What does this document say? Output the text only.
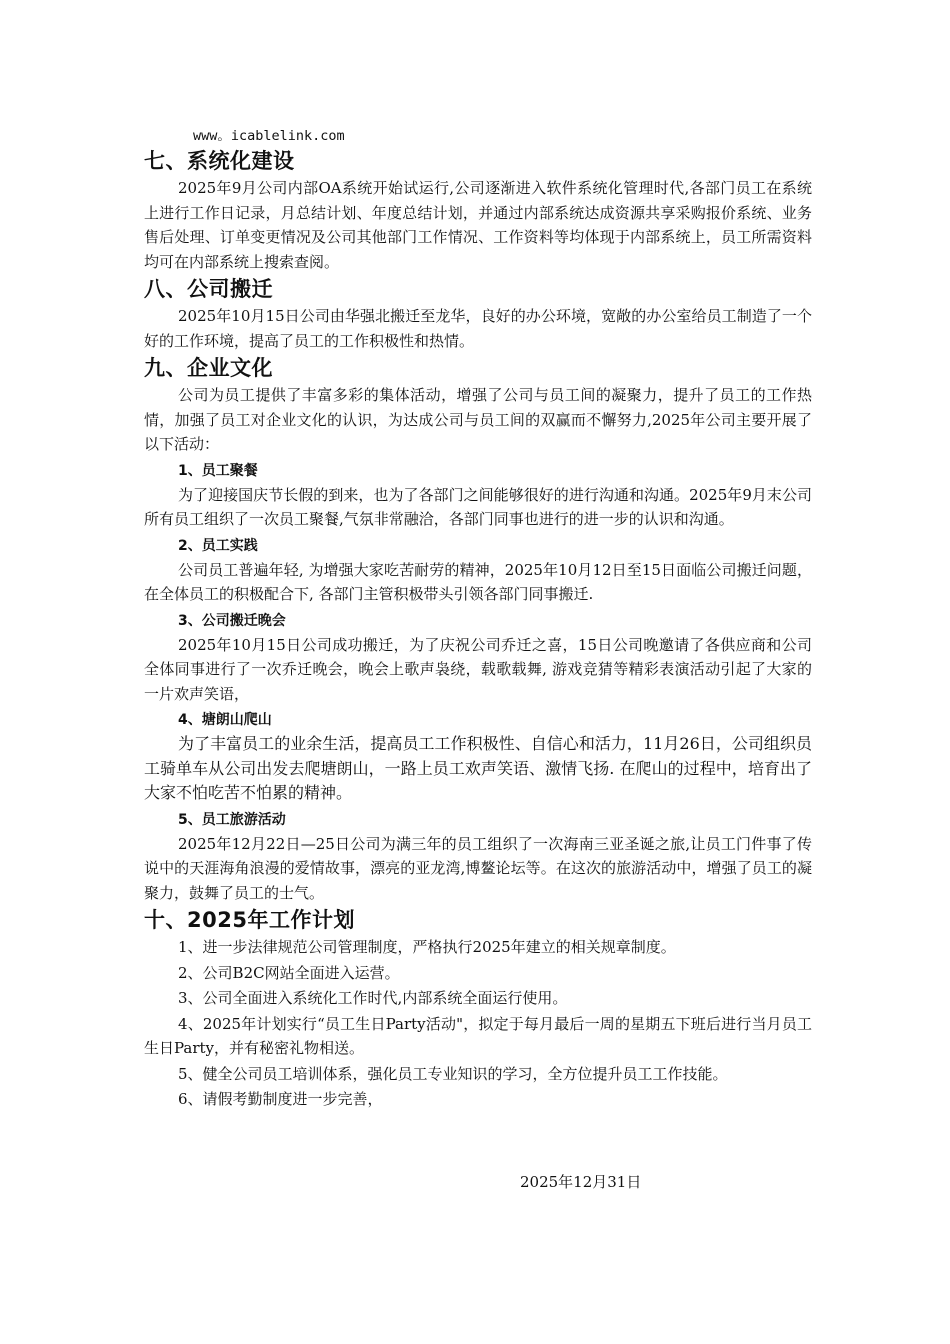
www。icablelink.com
七、系统化建设

2025年9月公司内部OA系统开始试运行,公司逐渐进入软件系统化管理时代,各部门员工在系统上进行工作日记录，月总结计划、年度总结计划，并通过内部系统达成资源共享采购报价系统、业务售后处理、订单变更情况及公司其他部门工作情况、工作资料等均体现于内部系统上，员工所需资料均可在内部系统上搜索查阅。

八、公司搬迁

2025年10月15日公司由华强北搬迁至龙华，良好的办公环境，宽敞的办公室给员工制造了一个好的工作环境，提高了员工的工作积极性和热情。

九、企业文化

公司为员工提供了丰富多彩的集体活动，增强了公司与员工间的凝聚力，提升了员工的工作热情，加强了员工对企业文化的认识，为达成公司与员工间的双赢而不懈努力,2025年公司主要开展了以下活动：

1、员工聚餐

为了迎接国庆节长假的到来，也为了各部门之间能够很好的进行沟通和沟通。2025年9月末公司所有员工组织了一次员工聚餐,气氛非常融洽，各部门同事也进行的进一步的认识和沟通。

2、员工实践

公司员工普遍年轻, 为增强大家吃苦耐劳的精神，2025年10月12日至15日面临公司搬迁问题，在全体员工的积极配合下, 各部门主管积极带头引领各部门同事搬迁.

3、公司搬迁晚会

2025年10月15日公司成功搬迁，为了庆祝公司乔迁之喜，15日公司晚邀请了各供应商和公司全体同事进行了一次乔迁晚会，晚会上歌声袅绕，载歌载舞, 游戏竞猜等精彩表演活动引起了大家的一片欢声笑语，

4、塘朗山爬山

为了丰富员工的业余生活，提高员工工作积极性、自信心和活力，11月26日，公司组织员工骑单车从公司出发去爬塘朗山，一路上员工欢声笑语、激情飞扬. 在爬山的过程中，培育出了大家不怕吃苦不怕累的精神。

5、员工旅游活动

2025年12月22日—25日公司为满三年的员工组织了一次海南三亚圣诞之旅,让员工门件事了传说中的天涯海角浪漫的爱情故事，漂亮的亚龙湾,博鳌论坛等。在这次的旅游活动中，增强了员工的凝聚力，鼓舞了员工的士气。

十、2025年工作计划

1、进一步法律规范公司管理制度，严格执行2025年建立的相关规章制度。

2、公司B2C网站全面进入运营。

3、公司全面进入系统化工作时代,内部系统全面运行使用。

4、2025年计划实行“员工生日Party活动"，拟定于每月最后一周的星期五下班后进行当月员工生日Party，并有秘密礼物相送。

5、健全公司员工培训体系，强化员工专业知识的学习，全方位提升员工工作技能。

6、请假考勤制度进一步完善，

2025年12月31日
